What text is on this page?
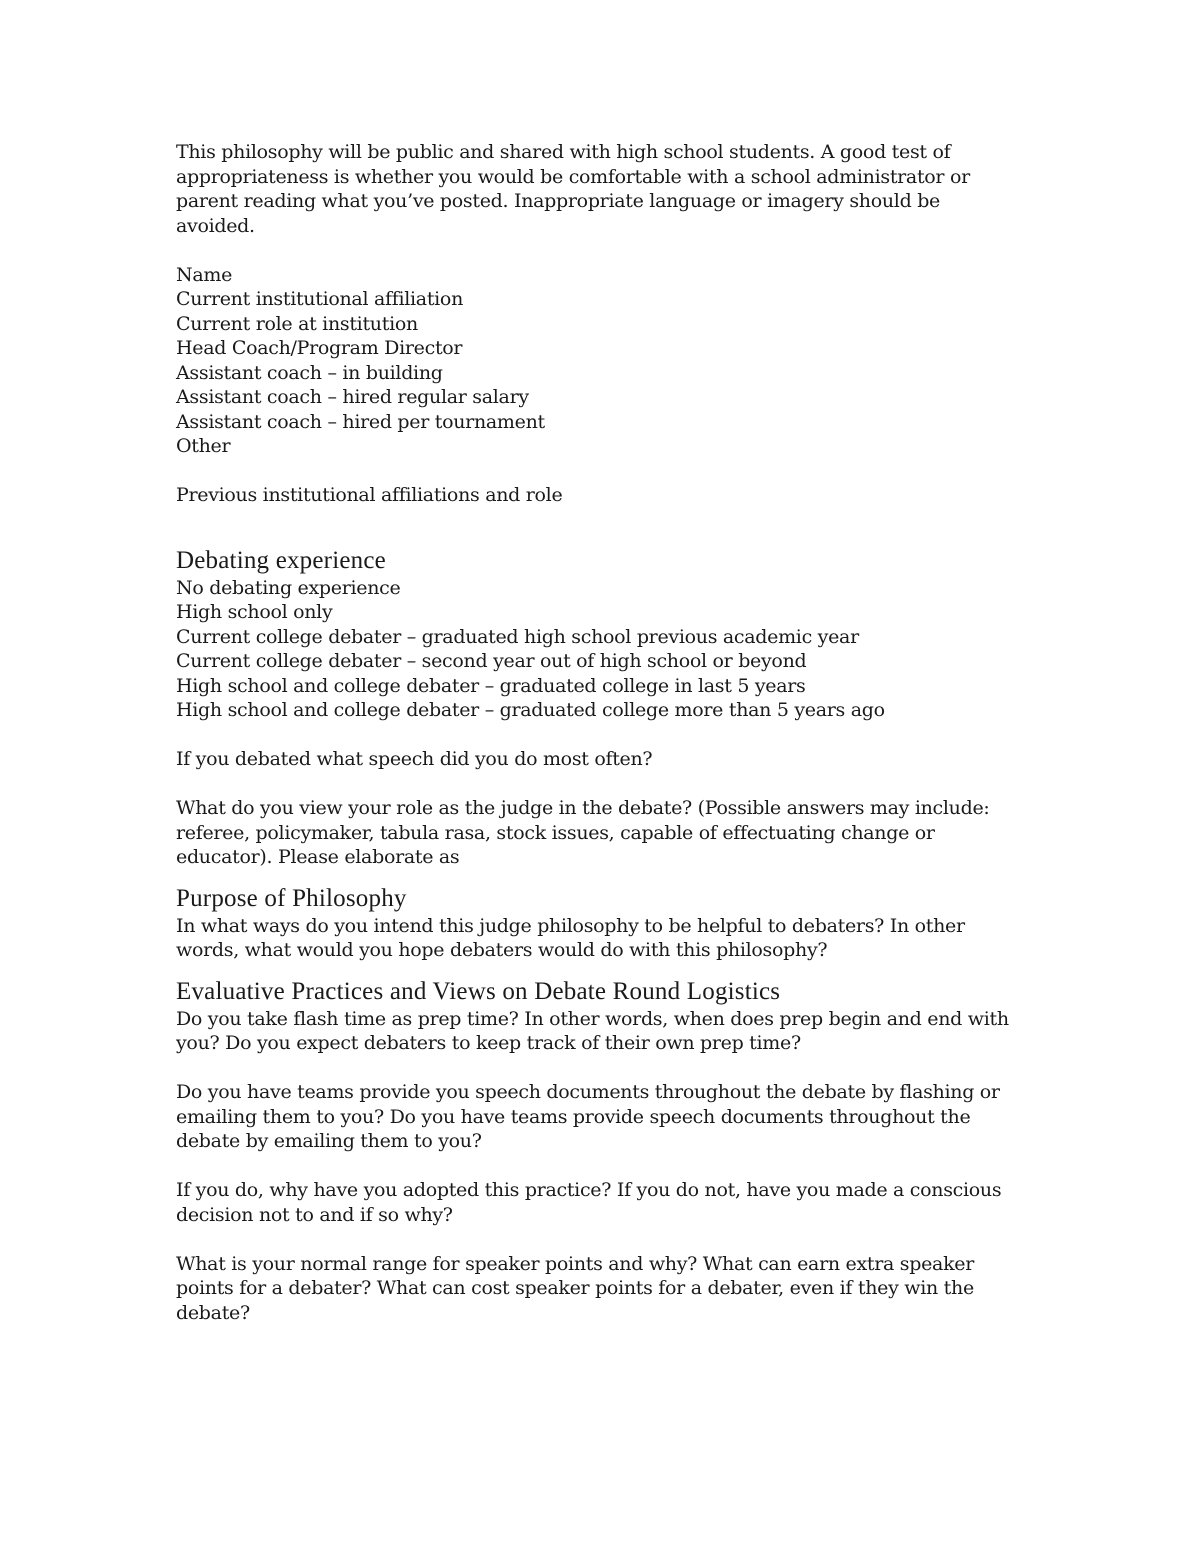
This philosophy will be public and shared with high school students. A good test of
appropriateness is whether you would be comfortable with a school administrator or
parent reading what you’ve posted. Inappropriate language or imagery should be
avoided.

Name
Current institutional affiliation
Current role at institution
Head Coach/Program Director
Assistant coach – in building
Assistant coach – hired regular salary
Assistant coach – hired per tournament
Other

Previous institutional affiliations and role

Debating experience

No debating experience
High school only
Current college debater – graduated high school previous academic year
Current college debater – second year out of high school or beyond
High school and college debater – graduated college in last 5 years
High school and college debater – graduated college more than 5 years ago

If you debated what speech did you do most often?

What do you view your role as the judge in the debate? (Possible answers may include:
referee, policymaker, tabula rasa, stock issues, capable of effectuating change or
educator). Please elaborate as

Purpose of Philosophy

In what ways do you intend this judge philosophy to be helpful to debaters? In other
words, what would you hope debaters would do with this philosophy?

Evaluative Practices and Views on Debate Round Logistics

Do you take flash time as prep time? In other words, when does prep begin and end with
you? Do you expect debaters to keep track of their own prep time?

Do you have teams provide you speech documents throughout the debate by flashing or
emailing them to you? Do you have teams provide speech documents throughout the
debate by emailing them to you?

If you do, why have you adopted this practice? If you do not, have you made a conscious
decision not to and if so why?

What is your normal range for speaker points and why? What can earn extra speaker
points for a debater? What can cost speaker points for a debater, even if they win the
debate?
